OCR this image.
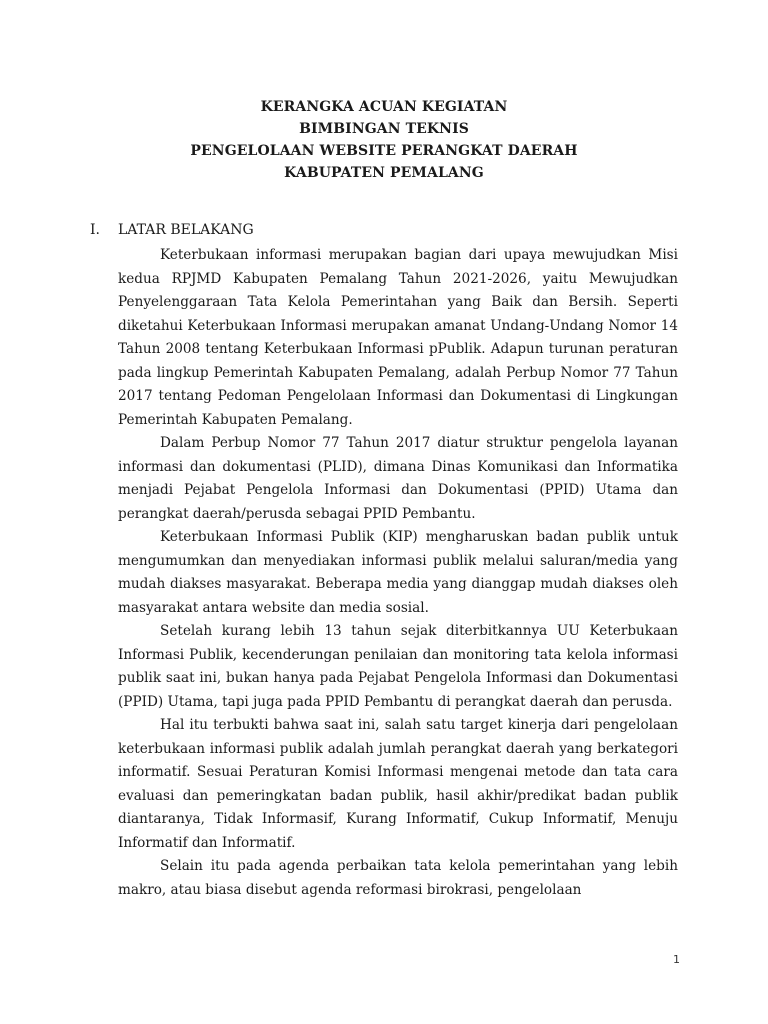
KERANGKA ACUAN KEGIATAN
BIMBINGAN TEKNIS
PENGELOLAAN WEBSITE PERANGKAT DAERAH
KABUPATEN PEMALANG
I.	LATAR BELAKANG

Keterbukaan informasi merupakan bagian dari upaya mewujudkan Misi kedua RPJMD Kabupaten Pemalang Tahun 2021-2026, yaitu Mewujudkan Penyelenggaraan Tata Kelola Pemerintahan yang Baik dan Bersih. Seperti diketahui Keterbukaan Informasi merupakan amanat Undang-Undang Nomor 14 Tahun 2008 tentang Keterbukaan Informasi pPublik. Adapun turunan peraturan pada lingkup Pemerintah Kabupaten Pemalang, adalah Perbup Nomor 77 Tahun 2017 tentang Pedoman Pengelolaan Informasi dan Dokumentasi di Lingkungan Pemerintah Kabupaten Pemalang.

Dalam Perbup Nomor 77 Tahun 2017 diatur struktur pengelola layanan informasi dan dokumentasi (PLID), dimana Dinas Komunikasi dan Informatika menjadi Pejabat Pengelola Informasi dan Dokumentasi (PPID) Utama dan perangkat daerah/perusda sebagai PPID Pembantu.

Keterbukaan Informasi Publik (KIP) mengharuskan badan publik untuk mengumumkan dan menyediakan informasi publik melalui saluran/media yang mudah diakses masyarakat. Beberapa media yang dianggap mudah diakses oleh masyarakat antara website dan media sosial.

Setelah kurang lebih 13 tahun sejak diterbitkannya UU Keterbukaan Informasi Publik, kecenderungan penilaian dan monitoring tata kelola informasi publik saat ini, bukan hanya pada Pejabat Pengelola Informasi dan Dokumentasi (PPID) Utama, tapi juga pada PPID Pembantu di perangkat daerah dan perusda.

Hal itu terbukti bahwa saat ini, salah satu target kinerja dari pengelolaan keterbukaan informasi publik adalah jumlah perangkat daerah yang berkategori informatif. Sesuai Peraturan Komisi Informasi mengenai metode dan tata cara evaluasi dan pemeringkatan badan publik, hasil akhir/predikat badan publik diantaranya, Tidak Informasif, Kurang Informatif, Cukup Informatif, Menuju Informatif dan Informatif.

Selain itu pada agenda perbaikan tata kelola pemerintahan yang lebih makro, atau biasa disebut agenda reformasi birokrasi, pengelolaan

1
